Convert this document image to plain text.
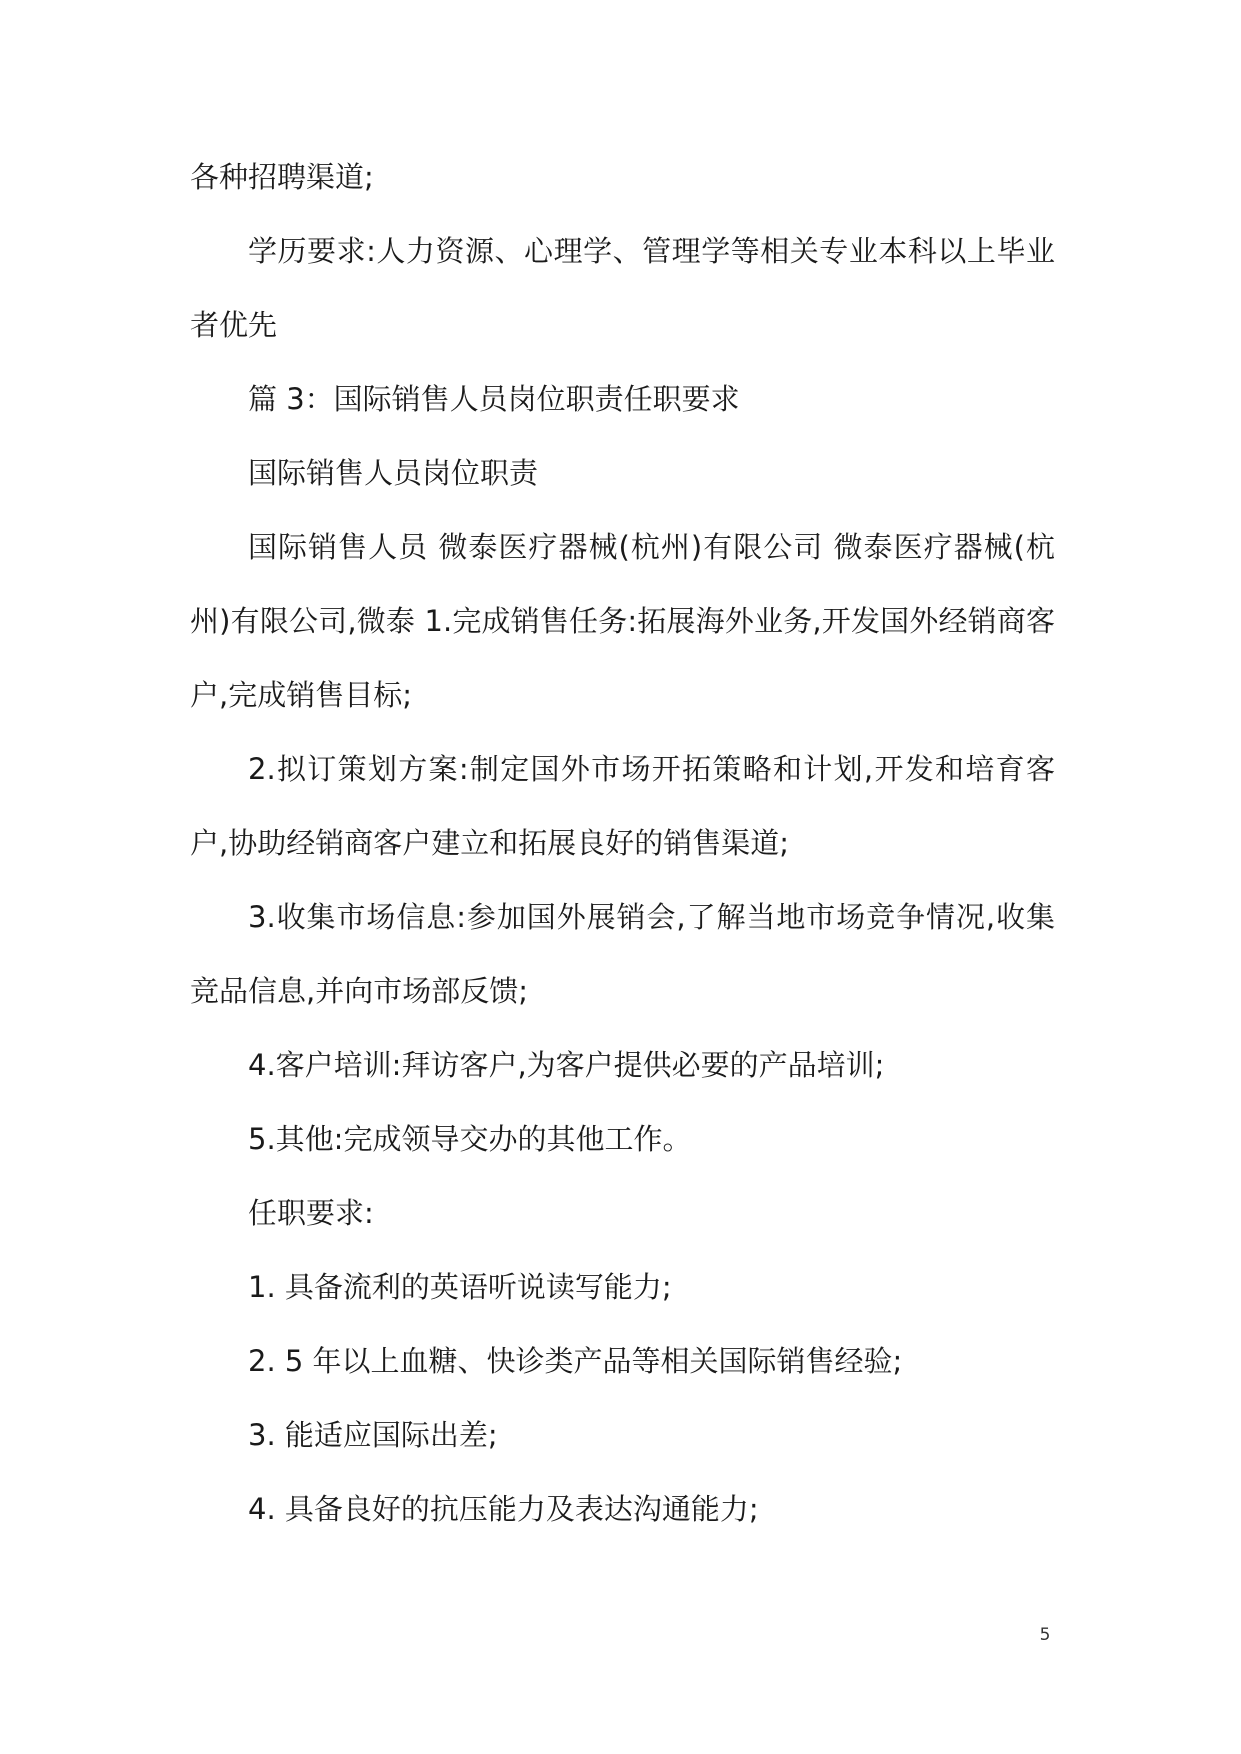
各种招聘渠道;

学历要求:人力资源、心理学、管理学等相关专业本科以上毕业者优先

篇 3：国际销售人员岗位职责任职要求

国际销售人员岗位职责

国际销售人员 微泰医疗器械(杭州)有限公司 微泰医疗器械(杭州)有限公司,微泰 1.完成销售任务:拓展海外业务,开发国外经销商客户,完成销售目标;

2.拟订策划方案:制定国外市场开拓策略和计划,开发和培育客户,协助经销商客户建立和拓展良好的销售渠道;

3.收集市场信息:参加国外展销会,了解当地市场竞争情况,收集竞品信息,并向市场部反馈;

4.客户培训:拜访客户,为客户提供必要的产品培训;

5.其他:完成领导交办的其他工作。

任职要求:

1. 具备流利的英语听说读写能力;

2. 5 年以上血糖、快诊类产品等相关国际销售经验;

3. 能适应国际出差;

4. 具备良好的抗压能力及表达沟通能力;

5
